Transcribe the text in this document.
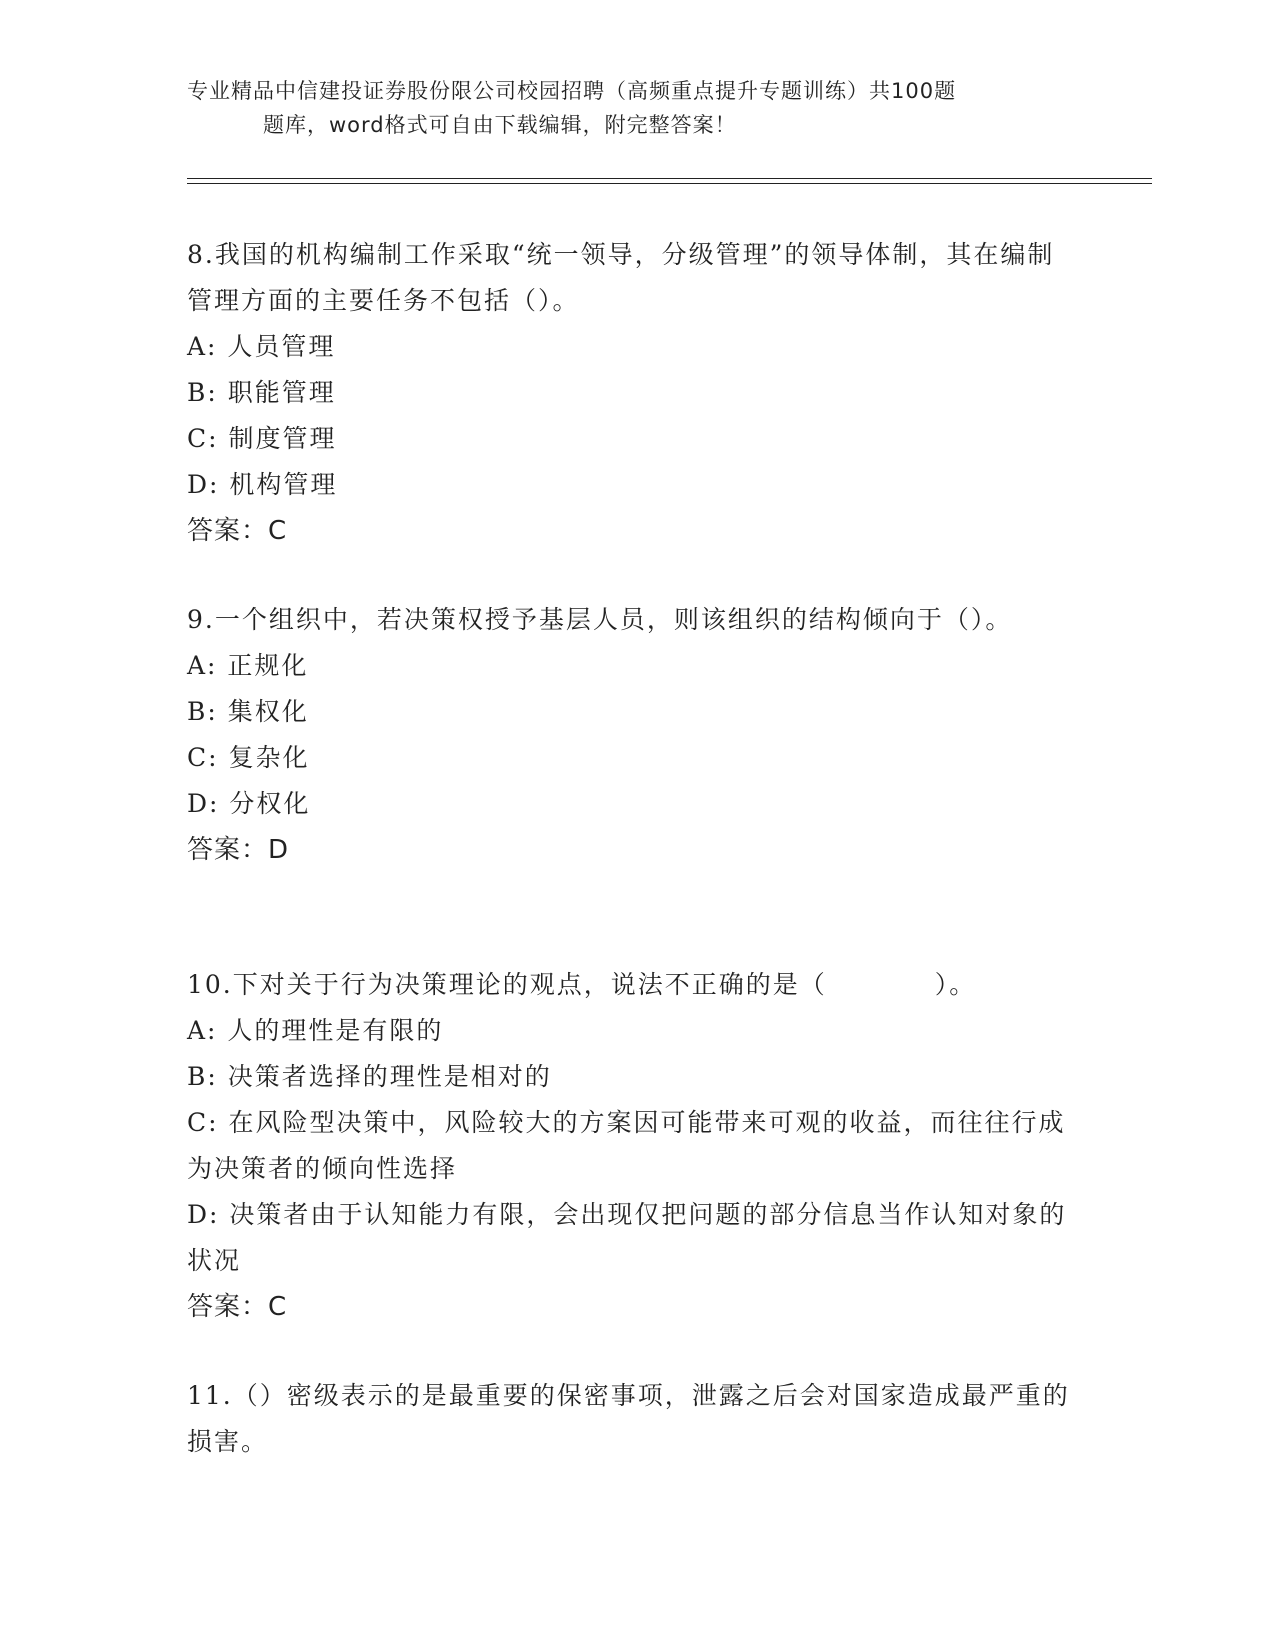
专业精品中信建投证券股份限公司校园招聘（高频重点提升专题训练）共100题
题库，word格式可自由下载编辑，附完整答案！
8.我国的机构编制工作采取“统一领导，分级管理”的领导体制，其在编制管理方面的主要任务不包括（）。
A: 人员管理
B: 职能管理
C: 制度管理
D: 机构管理
答案：C
9.一个组织中，若决策权授予基层人员，则该组织的结构倾向于（）。
A: 正规化
B: 集权化
C: 复杂化
D: 分权化
答案：D
10.下对关于行为决策理论的观点，说法不正确的是（　　　　）。
A: 人的理性是有限的
B: 决策者选择的理性是相对的
C: 在风险型决策中，风险较大的方案因可能带来可观的收益，而往往行成为决策者的倾向性选择
D: 决策者由于认知能力有限，会出现仅把问题的部分信息当作认知对象的状况
答案：C
11.（）密级表示的是最重要的保密事项，泄露之后会对国家造成最严重的损害。
